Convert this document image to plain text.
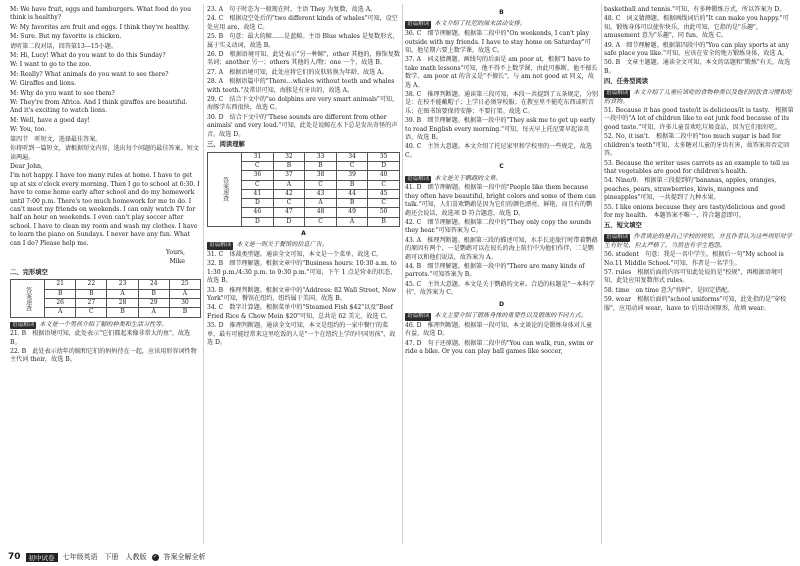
M: We have fruit, eggs and hamburgers. What food do you think is healthy?
W: My favorites are fruit and eggs. I think they're healthy.
M: Sure. But my favorite is chicken.
请听第二段对话，回答第13—15小题。
M: Hi, Lucy! What do you want to do this Sunday?
W: I want to go to the zoo.
M: Really? What animals do you want to see there?
W: Giraffes and lions.
M: Why do you want to see them?
W: They're from Africa. And I think giraffes are beautiful. And it's exciting to watch lions.
M: Well, have a good day!
W: You, too.
第四节　听短文，选择最佳答案。
你将听到一篇短文，请根据短文内容，选出每个问题的最佳答案。短文读两遍。
Dear John,
I'm not happy. I have too many rules at home. I have to get up at six o'clock every morning. Then I go to school at 6:30. I have to come home early after school and do my homework until 7:00 p.m. There's too much homework for me to do. I can't meet my friends on weekends. I can only watch TV for half an hour on weekends. I even can't play soccer after school. I have to clean my room and wash my clothes. I have to learn the piano on Sundays. I never have any fun. What can I do? Please help me.
Yours,
Mike
二、完形填空
答案速查	21	22	23	24	25
	B	B	A	B	A
	26	27	28	29	30
	A	C	B	A	B
语篇解读 本文是一个男孩介绍了解的种类和生活习性等。
21. B　根据语境可知，此处表示"它们都起来像非常大的鱼"，故选 B。
22. B　此处表示幼年的鲸和它们的妈妈待在一起，应该用形容词性物主代词 their，故选 B。
23. A　句子时态为一般现在时，主语 They 为复数，故选 A。
24. C　根据设空处后的"two different kinds of whales"可知，设空处应用 are，故选 C。
25. B　句意：最大的鲸……是蓝鲸。主语 Blue whales 是复数形式，属于实义动词，故选 B。
26. D　根据语境可知，此处表示"另一种鲸"，other 其他的，修饰复数名词；another 另一；others 其他的人/物；one 一个，故选 B。
27. A　根据语境可知，此处应将它们的皮肤转换为年龄，故选 A。
28. A　根据语篇中的"There…whales without teeth and whales with teeth."及常识可知，海豚是有牙齿的，故选 A。
29. C　结合下文中的"so dolphins are very smart animals"可知，海豚学东西很快，故选 C。
30. D　结合下文中的"These sounds are different from other animals' and very loud."可知，此处是说鲸在水下总是发出奇怪的声音，故选 D。
三、阅读理解
答案速查	31	32	33	34	35
	C	B	B	C	D
	36	37	38	39	40
	C	A	C	B	C
	41	42	43	44	45
	D	C	A	B	C
	46	47	48	49	50
	D	D	C	A	B
A
语篇解读 本文是一则关于餐馆的信息广告。
31. C　体裁类型题。通读全文可知，本文是一个菜单，故选 C。
32. B　细节理解题。根据文章中的"Business hours: 10:30 a.m. to 1:30 p.m./4:30 p.m. to 9:30 p.m."可知，下午 1 点是营业的状态，故选 B。
33. B　推理判断题。根据文章中的"Address: 82 Wall Street, New York"可知，餐馆在纽约，纽约属于美国，故选 B。
34. C　数字计算题。根据菜单中的"Steamed Fish $42"以及"Beef Fried Rice & Chow Mein $20"可知，总共是 62 美元，故选 C。
35. D　推理判断题。通读全文可知，本文是纽约的一家中餐厅的菜单，最有可能经常来这里吃饭的人是"一个在纽约上学的中国男孩"，故选 D。
B
语篇解读 本文介绍了托尼的周末活动安排。
36. C　细节理解题。根据第二段中的"On weekends, I can't play outside with my friends. I have to stay home on Saturday"可知，他星期六要上数学课，故选 C。
37. A　词义猜测题。画线句的后面是 am poor at，根据"I have to take math lessons"可知，他不得不上数学课，由此可推断，他不擅长数学，am poor at 的含义是"不擅长"，与 am not good at 同义，故选 A。
38. C　推理判断题。通读第三段可知，本段一共提到了五条规定，分别是：在校不能戴帽子；上学日必须穿校服；在教室里不能吃东西或听音乐；在图书馆要保持安静；不要打架。故选 C。
39. B　细节理解题。根据第一段中的"They ask me to get up early to read English every morning."可知，每天早上托尼要早起读英语，故选 B。
40. C　主旨大意题。本文介绍了托尼家里和学校里的一些规定，故选 C。
C
语篇解读 本文是关于鹦鹉的文章。
41. D　细节理解题。根据第一段中的"People like them because they often have beautiful, bright colors and some of them can talk."可知，人们喜欢鹦鹉是因为它们的颜色漂亮、鲜艳，而且有的鹦鹉还会说话，故选项 D 符合题意，故选 D。
42. C　细节理解题。根据第二段中的"They only copy the sounds they hear."可知答案为 C。
43. A　推理判断题。根据第三段的描述可知，水手长途旅行时带着鹦鹉的原因有两个，一是鹦鹉可以在很长的海上航行中为他们作伴，二是鹦鹉可以和他们说话，故答案为 A。
44. B　细节理解题。根据第一段中的"There are many kinds of parrots."可知答案为 B。
45. C　主旨大意题。本文是关于鹦鹉的文章。合适的标题是"一本科学书"，故答案为 C。
D
语篇解读 本文主要介绍了锻炼身体的重要性以及锻炼的不同方式。
46. D　推理判断题。根据第一段可知，本文谈论的是锻炼身体对儿童有益，故选 D。
47. D　句子还原题。根据第二段中的"You can walk, run, swim or ride a bike. Or you can play ball games like soccer,
basketball and tennis."可知，有多种锻炼方式，所以答案为 D。
48. C　词义猜测题。根据画线词后的"It can make you happy."可知，锻炼身体可以使你快乐，由此可知，它指的是"乐趣"，amusement 意为"乐趣"，同 fun，故选 C。
49. A　细节理解题。根据第四段中的"You can play sports at any safe place you like."可知，应该在安全的地方锻炼身体，故选 A。
50. B　文章主题题。通读全文可知，本文的话题和"锻炼"有关，故选 B。
四、任务型阅读
语篇解读 本文介绍了儿童应该吃的食物种类以及他们的饮食习惯和吃的食物。
51. Because it has good taste/it is delicious/it is tasty.　根据第一段中的"A lot of children like to eat junk food because of its good taste."可知，许多儿童喜欢吃垃圾食品，因为它们很好吃。
52. No, it isn't.　根据第二段中的"too much sugar is bad for children's teeth"可知，太多糖对儿童的牙齿有害，故答案用否定回答。
53. Because the writer uses carrots as an example to tell us that vegetables are good for children's health.
54. Nine/9.　根据第三段提到的"bananas, apples, oranges, peaches, pears, strawberries, kiwis, mangoes and pineapples"可知，一共提到了九种水果。
55. I like onions because they are tasty/delicious and good for my health.　本题答案不唯一，符合题意即可。
五、短文填空
语篇解读 作者谈论的是自己学校的规矩，并且作者认为这些规矩对学生有好处，但太严格了，当然也有学生抱怨。
56. student　句意：我是一名中学生。根据后一句"My school is No.11 Middle School."可知，作者是一名学生。
57. rules　根据后面的内容可知此处说的是"校规"，再根据语境可知，此处应用复数形式 rules。
58. time　on time 意为"按时"，是固定搭配。
59. wear　根据后面的"school uniforms"可知，此处指的是"穿校服"，应用动词 wear，have to 后用动词原形，故填 wear。
70	初中试卷	七年级英语　下册　人教版 ✓ 答案全解全析
